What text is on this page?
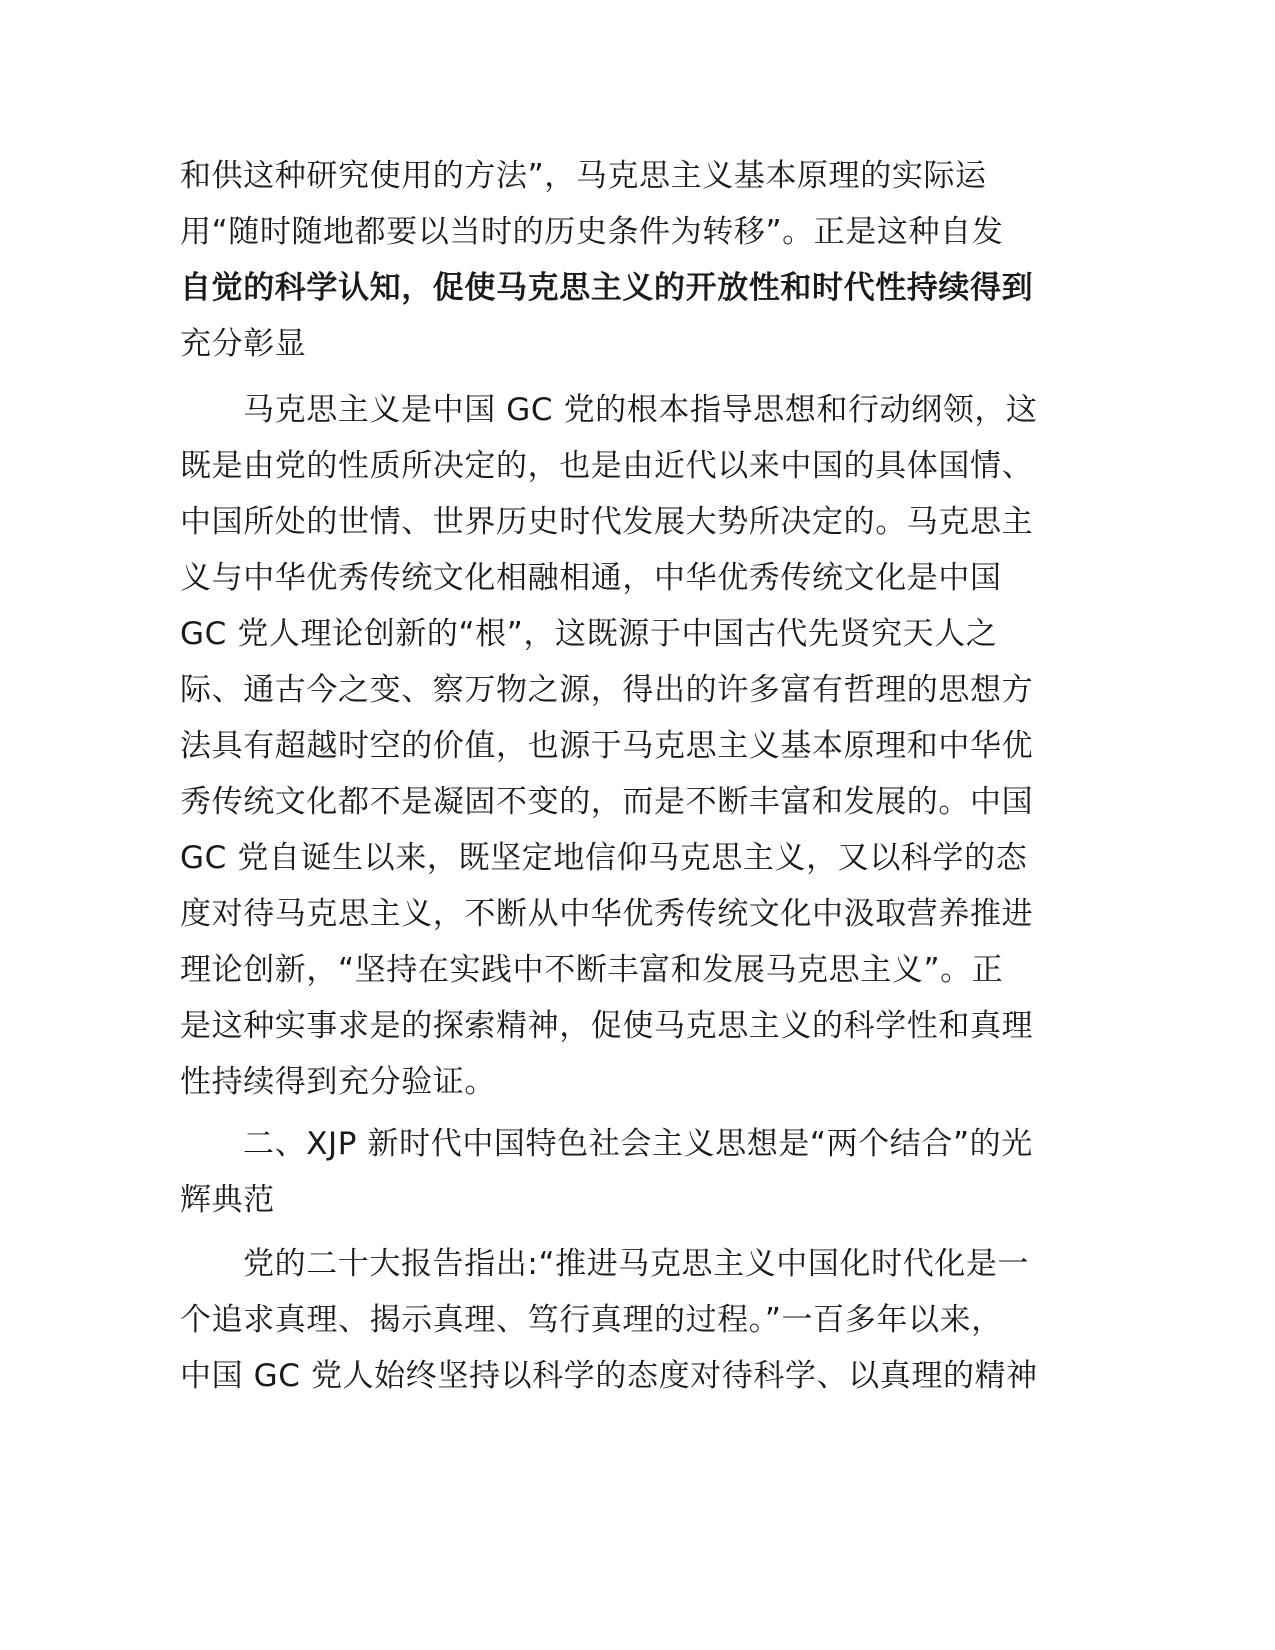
和供这种研究使用的方法”，马克思主义基本原理的实际运
用“随时随地都要以当时的历史条件为转移”。正是这种自发
自觉的科学认知，促使马克思主义的开放性和时代性持续得到
充分彰显
马克思主义是中国 GC 党的根本指导思想和行动纲领，这
既是由党的性质所决定的，也是由近代以来中国的具体国情、
中国所处的世情、世界历史时代发展大势所决定的。马克思主
义与中华优秀传统文化相融相通，中华优秀传统文化是中国
GC 党人理论创新的“根”，这既源于中国古代先贤究天人之
际、通古今之变、察万物之源，得出的许多富有哲理的思想方
法具有超越时空的价值，也源于马克思主义基本原理和中华优
秀传统文化都不是凝固不变的，而是不断丰富和发展的。中国
GC 党自诞生以来，既坚定地信仰马克思主义，又以科学的态
度对待马克思主义，不断从中华优秀传统文化中汲取营养推进
理论创新，“坚持在实践中不断丰富和发展马克思主义”。正
是这种实事求是的探索精神，促使马克思主义的科学性和真理
性持续得到充分验证。
二、XJP 新时代中国特色社会主义思想是“两个结合”的光
辉典范
党的二十大报告指出:“推进马克思主义中国化时代化是一
个追求真理、揭示真理、笃行真理的过程。”一百多年以来，
中国 GC 党人始终坚持以科学的态度对待科学、以真理的精神
